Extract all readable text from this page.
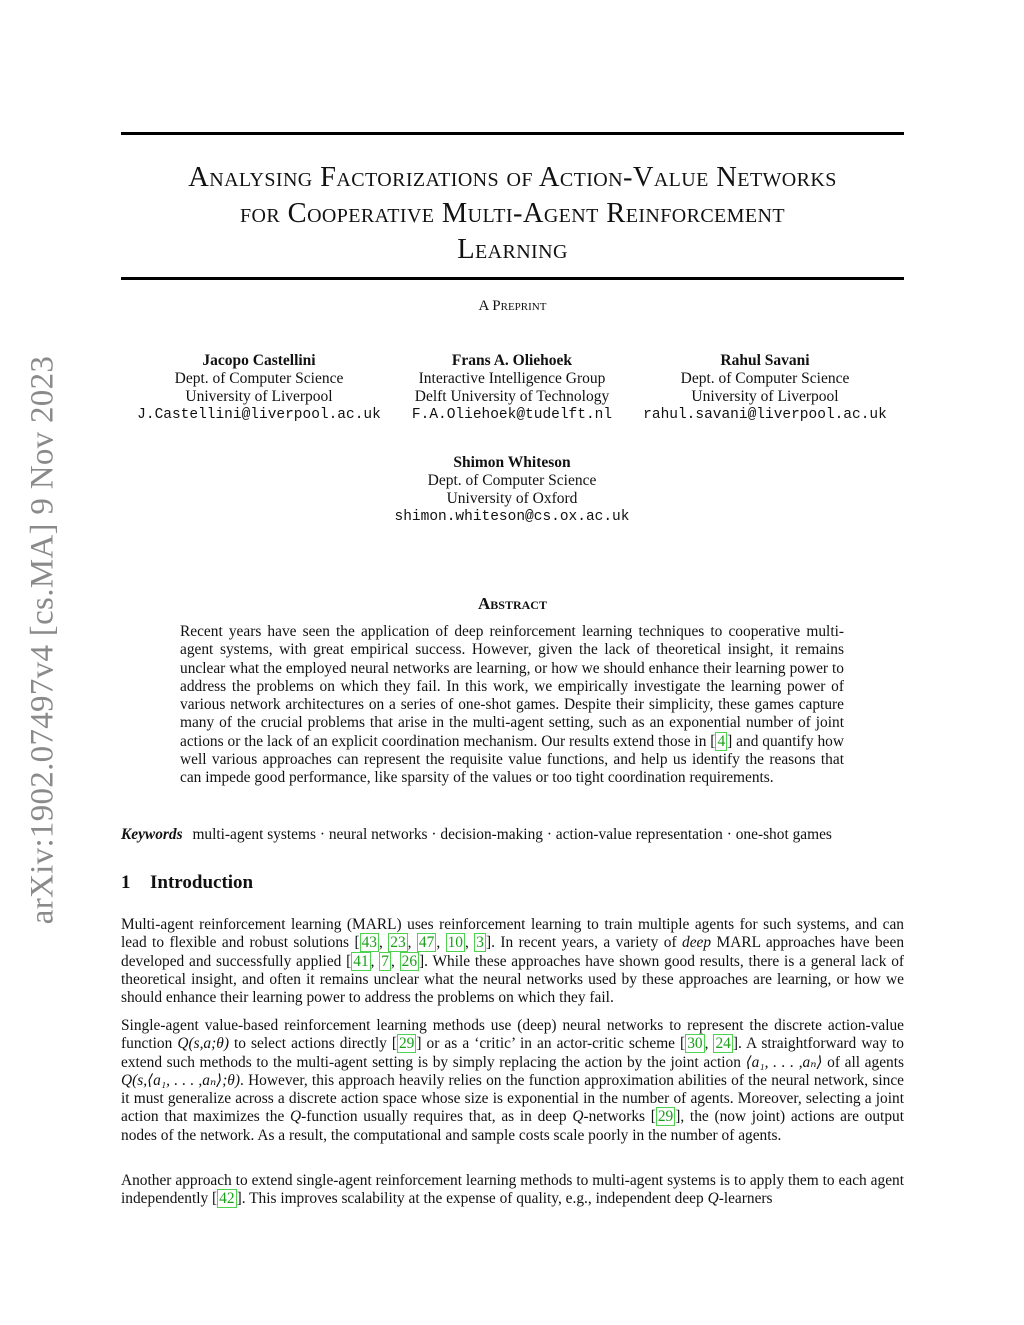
arXiv:1902.07497v4 [cs.MA] 9 Nov 2023
Analysing Factorizations of Action-Value Networks
for Cooperative Multi-Agent Reinforcement
Learning
A Preprint
Jacopo Castellini
Dept. of Computer Science
University of Liverpool
J.Castellini@liverpool.ac.uk
Frans A. Oliehoek
Interactive Intelligence Group
Delft University of Technology
F.A.Oliehoek@tudelft.nl
Rahul Savani
Dept. of Computer Science
University of Liverpool
rahul.savani@liverpool.ac.uk
Shimon Whiteson
Dept. of Computer Science
University of Oxford
shimon.whiteson@cs.ox.ac.uk
Abstract

Recent years have seen the application of deep reinforcement learning techniques to cooperative multi-agent systems, with great empirical success. However, given the lack of theoretical insight, it remains unclear what the employed neural networks are learning, or how we should enhance their learning power to address the problems on which they fail. In this work, we empirically investigate the learning power of various network architectures on a series of one-shot games. Despite their simplicity, these games capture many of the crucial problems that arise in the multi-agent setting, such as an exponential number of joint actions or the lack of an explicit coordination mechanism. Our results extend those in [ 4 ] and quantify how well various approaches can represent the requisite value functions, and help us identify the reasons that can impede good performance, like sparsity of the values or too tight coordination requirements.

Keywords multi-agent systems · neural networks · decision-making · action-value representation · one-shot games
1 Introduction

Multi-agent reinforcement learning (MARL) uses reinforcement learning to train multiple agents for such systems, and can lead to flexible and robust solutions [ 43 , 23 , 47 , 10 , 3 ]. In recent years, a variety of deep MARL approaches have been developed and successfully applied [ 41 , 7 , 26 ]. While these approaches have shown good results, there is a general lack of theoretical insight, and often it remains unclear what the neural networks used by these approaches are learning, or how we should enhance their learning power to address the problems on which they fail.

Single-agent value-based reinforcement learning methods use (deep) neural networks to represent the discrete action-value function Q(s,a;θ) to select actions directly [ 29 ] or as a ‘critic’ in an actor-critic scheme [ 30 , 24 ]. A straightforward way to extend such methods to the multi-agent setting is by simply replacing the action by the joint action ⟨a₁, . . . ,aₙ⟩ of all agents Q(s,⟨a₁, . . . ,aₙ⟩;θ). However, this approach heavily relies on the function approximation abilities of the neural network, since it must generalize across a discrete action space whose size is exponential in the number of agents. Moreover, selecting a joint action that maximizes the Q-function usually requires that, as in deep Q-networks [ 29 ], the (now joint) actions are output nodes of the network. As a result, the computational and sample costs scale poorly in the number of agents.

Another approach to extend single-agent reinforcement learning methods to multi-agent systems is to apply them to each agent independently [ 42 ]. This improves scalability at the expense of quality, e.g., independent deep Q-learners
